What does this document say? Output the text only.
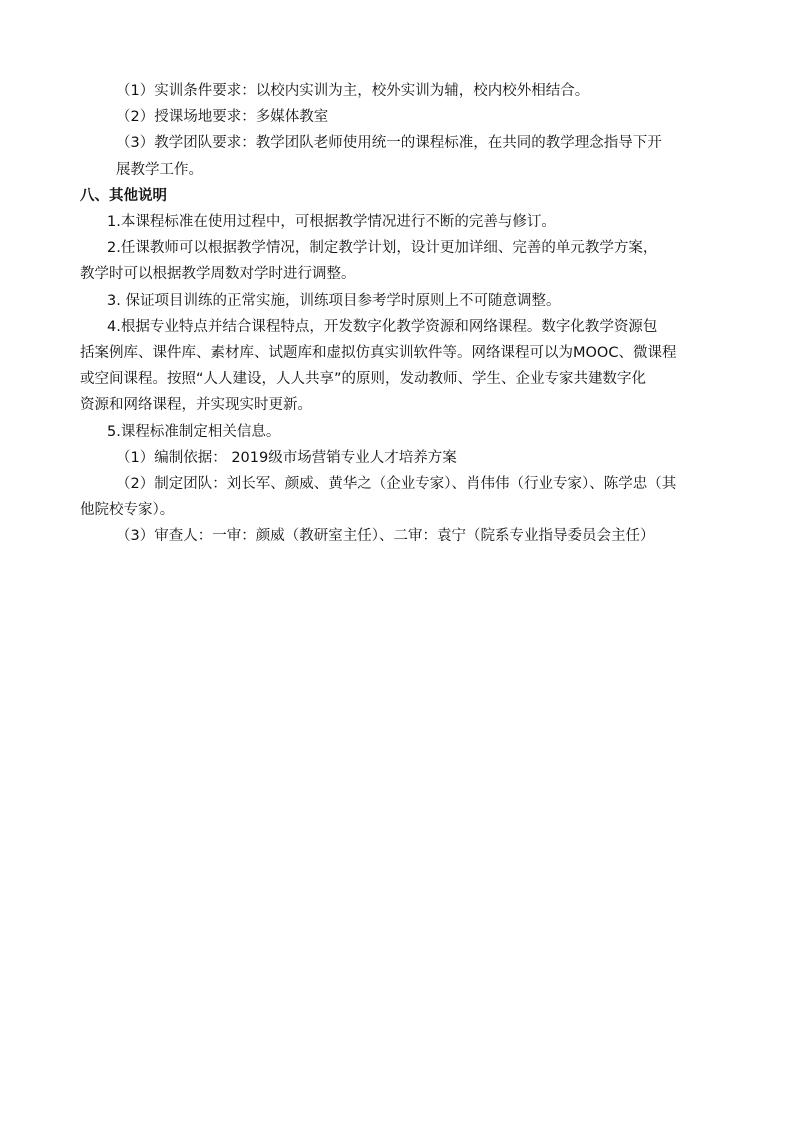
（1）实训条件要求：以校内实训为主，校外实训为辅，校内校外相结合。

（2）授课场地要求：多媒体教室

（3）教学团队要求：教学团队老师使用统一的课程标准，在共同的教学理念指导下开

展教学工作。

八、其他说明

1.本课程标准在使用过程中，可根据教学情况进行不断的完善与修订。

2.任课教师可以根据教学情况，制定教学计划，设计更加详细、完善的单元教学方案，

教学时可以根据教学周数对学时进行调整。

3. 保证项目训练的正常实施，训练项目参考学时原则上不可随意调整。

4.根据专业特点并结合课程特点，开发数字化教学资源和网络课程。数字化教学资源包

括案例库、课件库、素材库、试题库和虚拟仿真实训软件等。网络课程可以为MOOC、微课程

或空间课程。按照“人人建设，人人共享”的原则，发动教师、学生、企业专家共建数字化

资源和网络课程，并实现实时更新。

5.课程标准制定相关信息。

（1）编制依据： 2019级市场营销专业人才培养方案

（2）制定团队：刘长军、颜威、黄华之（企业专家）、肖伟伟（行业专家）、陈学忠（其

他院校专家）。

（3）审查人：一审：颜威（教研室主任）、二审：袁宁（院系专业指导委员会主任）
